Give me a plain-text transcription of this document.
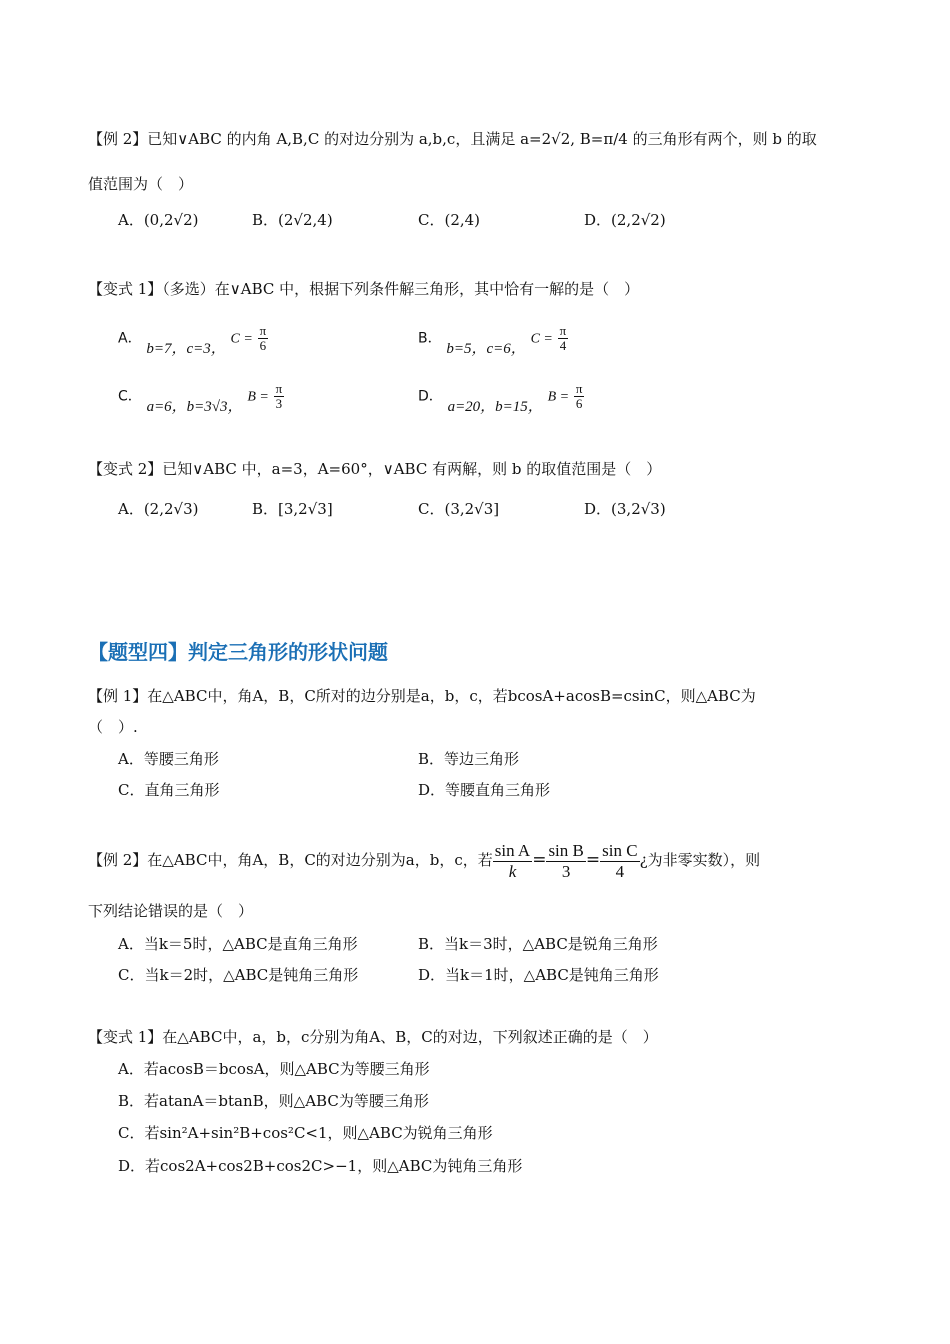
【例 2】已知∨ABC 的内角 A,B,C 的对边分别为 a,b,c，且满足 a=2√2, B=π/4 的三角形有两个，则 b 的取
值范围为（　）
A．(0,2√2)	B．(2√2,4)	C．(2,4)	D．(2,2√2)
【变式 1】（多选）在∨ABC 中，根据下列条件解三角形，其中恰有一解的是（　）
A． b=7，c=3， $C = \frac{\pi}{6}$	B． b=5，c=6， $C = \frac{\pi}{4}$
C． a=6，b=3√3， $B = \frac{\pi}{3}$	D． a=20，b=15， $B = \frac{\pi}{6}$
【变式 2】已知∨ABC 中，a=3，A=60°，∨ABC 有两解，则 b 的取值范围是（　）
A．(2,2√3)	B．[3,2√3]	C．(3,2√3]	D．(3,2√3)
【题型四】判定三角形的形状问题
【例 1】在△ABC中，角A，B，C所对的边分别是a，b，c，若bcosA+acosB=csinC，则△ABC为
（　）.
A．等腰三角形	B．等边三角形
C．直角三角形	D．等腰直角三角形
【例 2】在△ABC中，角A，B，C的对边分别为a，b，c，若 $\frac{\text{sin A}}{k} = \frac{\text{sin B}}{3} = \frac{\text{sin C}}{4}$ ¿为非零实数），则
下列结论错误的是（　）
A．当k＝5时，△ABC是直角三角形	B．当k＝3时，△ABC是锐角三角形
C．当k＝2时，△ABC是钝角三角形	D．当k＝1时，△ABC是钝角三角形
【变式 1】在△ABC中，a，b，c分别为角A、B，C的对边，下列叙述正确的是（　）
A．若acosB＝bcosA，则△ABC为等腰三角形
B．若atanA＝btanB，则△ABC为等腰三角形
C．若sin²A+sin²B+cos²C<1，则△ABC为锐角三角形
D．若cos2A+cos2B+cos2C>−1，则△ABC为钝角三角形
